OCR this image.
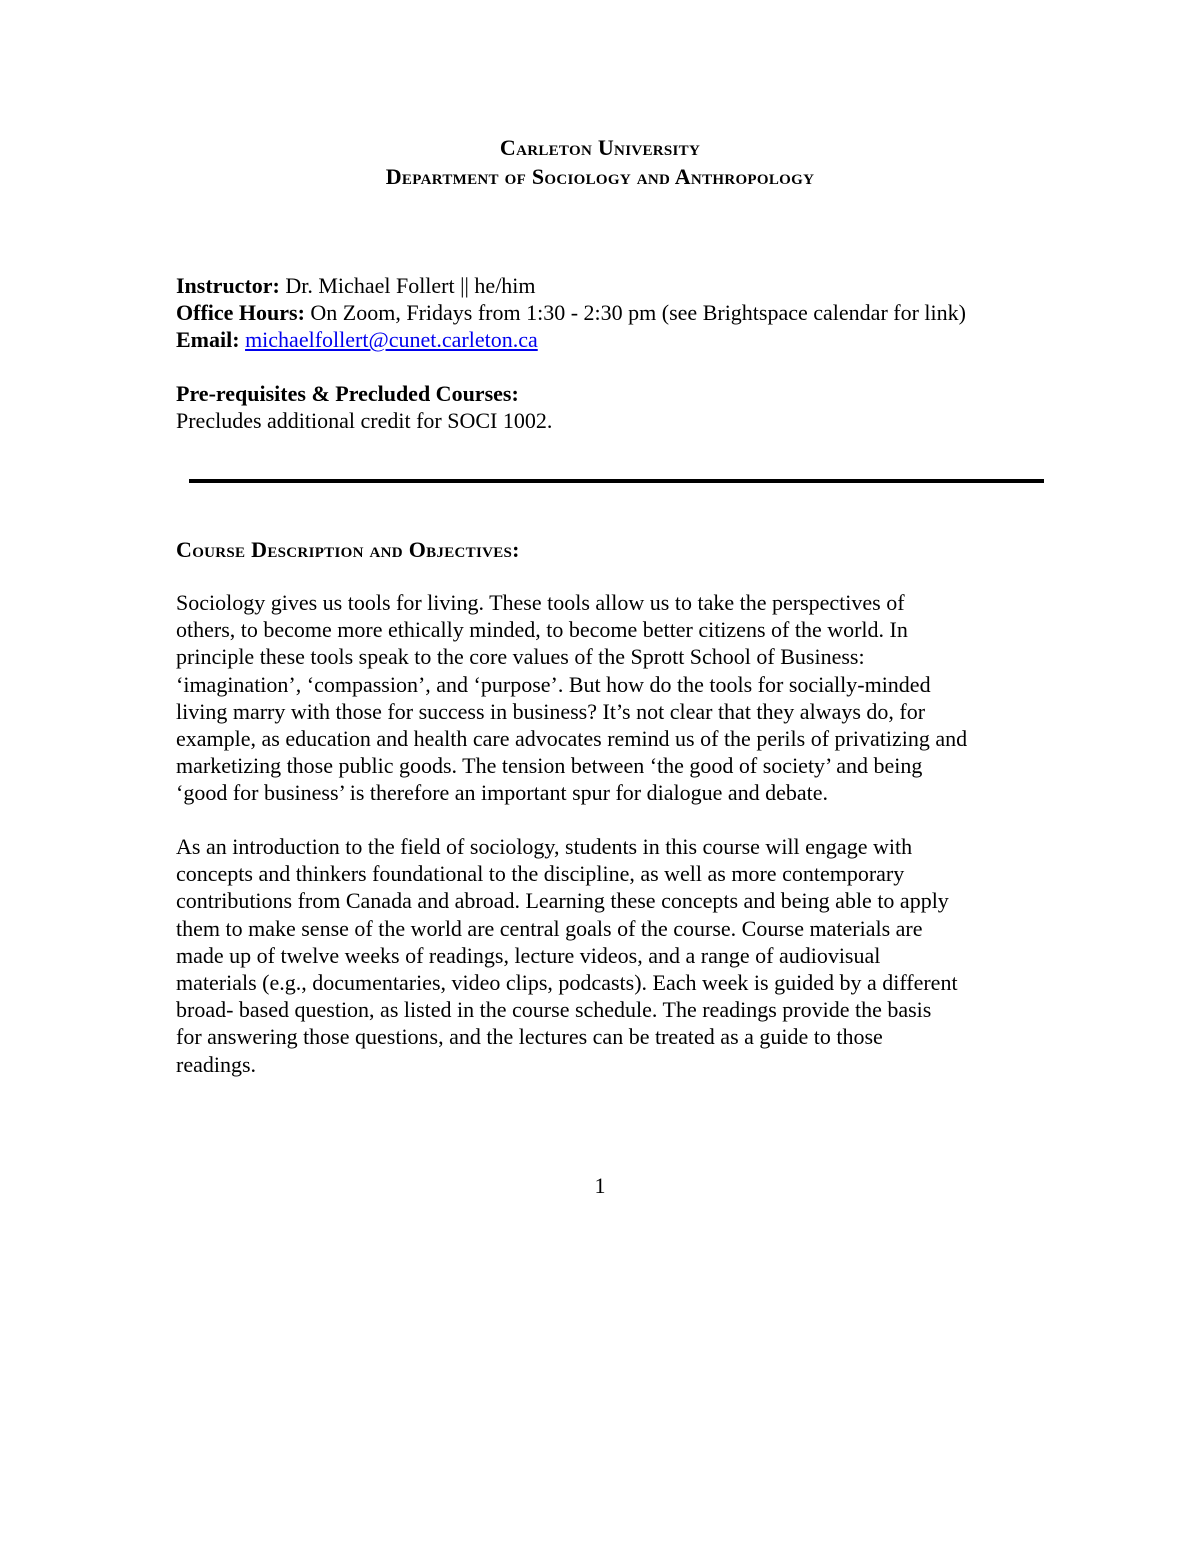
Carleton University
Department of Sociology and Anthropology
Instructor: Dr. Michael Follert || he/him
Office Hours: On Zoom, Fridays from 1:30 - 2:30 pm (see Brightspace calendar for link)
Email: michaelfollert@cunet.carleton.ca
Pre-requisites & Precluded Courses:
Precludes additional credit for SOCI 1002.
Course Description and Objectives:
Sociology gives us tools for living. These tools allow us to take the perspectives of
others, to become more ethically minded, to become better citizens of the world. In
principle these tools speak to the core values of the Sprott School of Business:
‘imagination’, ‘compassion’, and ‘purpose’. But how do the tools for socially-minded
living marry with those for success in business? It’s not clear that they always do, for
example, as education and health care advocates remind us of the perils of privatizing and
marketizing those public goods. The tension between ‘the good of society’ and being
‘good for business’ is therefore an important spur for dialogue and debate.
As an introduction to the field of sociology, students in this course will engage with
concepts and thinkers foundational to the discipline, as well as more contemporary
contributions from Canada and abroad. Learning these concepts and being able to apply
them to make sense of the world are central goals of the course. Course materials are
made up of twelve weeks of readings, lecture videos, and a range of audiovisual
materials (e.g., documentaries, video clips, podcasts). Each week is guided by a different
broad- based question, as listed in the course schedule. The readings provide the basis
for answering those questions, and the lectures can be treated as a guide to those
readings.
1
